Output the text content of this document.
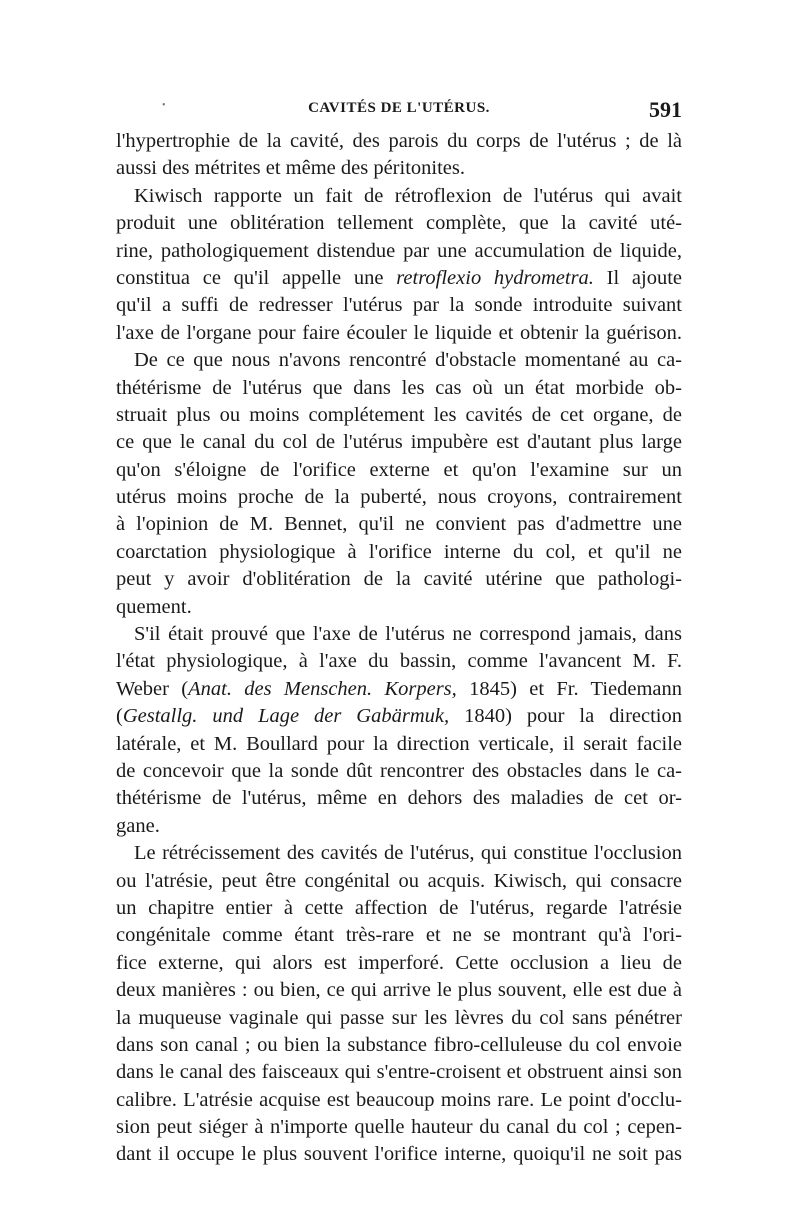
•	CAVITÉS DE L'UTÉRUS.	591
l'hypertrophie de la cavité, des parois du corps de l'utérus ; de là
aussi des métrites et même des péritonites.
Kiwisch rapporte un fait de rétroflexion de l'utérus qui avait
produit une oblitération tellement complète, que la cavité uté-
rine, pathologiquement distendue par une accumulation de liquide,
constitua ce qu'il appelle une retroflexio hydrometra. Il ajoute
qu'il a suffi de redresser l'utérus par la sonde introduite suivant
l'axe de l'organe pour faire écouler le liquide et obtenir la guérison.
De ce que nous n'avons rencontré d'obstacle momentané au ca-
thétérisme de l'utérus que dans les cas où un état morbide ob-
struait plus ou moins complétement les cavités de cet organe, de
ce que le canal du col de l'utérus impubère est d'autant plus large
qu'on s'éloigne de l'orifice externe et qu'on l'examine sur un
utérus moins proche de la puberté, nous croyons, contrairement
à l'opinion de M. Bennet, qu'il ne convient pas d'admettre une
coarctation physiologique à l'orifice interne du col, et qu'il ne
peut y avoir d'oblitération de la cavité utérine que pathologi-
quement.
S'il était prouvé que l'axe de l'utérus ne correspond jamais, dans
l'état physiologique, à l'axe du bassin, comme l'avancent M. F.
Weber (Anat. des Menschen. Korpers, 1845) et Fr. Tiedemann
(Gestallg. und Lage der Gabärmuk, 1840) pour la direction
latérale, et M. Boullard pour la direction verticale, il serait facile
de concevoir que la sonde dût rencontrer des obstacles dans le ca-
thétérisme de l'utérus, même en dehors des maladies de cet or-
gane.
Le rétrécissement des cavités de l'utérus, qui constitue l'occlusion
ou l'atrésie, peut être congénital ou acquis. Kiwisch, qui consacre
un chapitre entier à cette affection de l'utérus, regarde l'atrésie
congénitale comme étant très-rare et ne se montrant qu'à l'ori-
fice externe, qui alors est imperforé. Cette occlusion a lieu de
deux manières : ou bien, ce qui arrive le plus souvent, elle est due à
la muqueuse vaginale qui passe sur les lèvres du col sans pénétrer
dans son canal ; ou bien la substance fibro-celluleuse du col envoie
dans le canal des faisceaux qui s'entre-croisent et obstruent ainsi son
calibre. L'atrésie acquise est beaucoup moins rare. Le point d'occlu-
sion peut siéger à n'importe quelle hauteur du canal du col ; cepen-
dant il occupe le plus souvent l'orifice interne, quoiqu'il ne soit pas
